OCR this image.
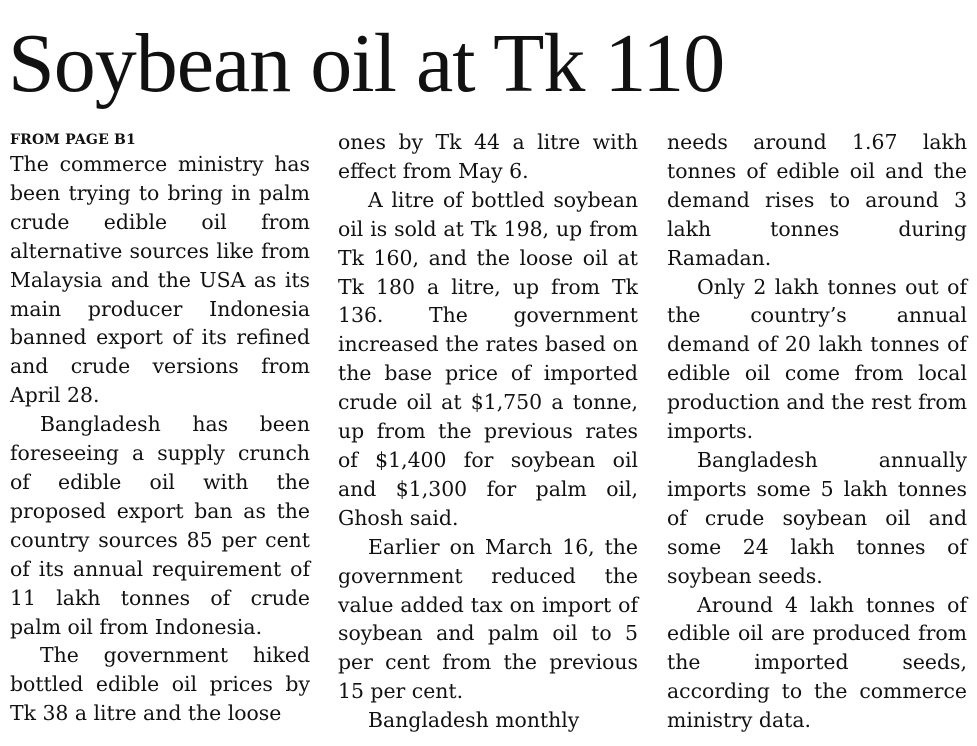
Soybean oil at Tk 110
FROM PAGE B1

The commerce ministry has been trying to bring in palm crude edible oil from alternative sources like from Malaysia and the USA as its main producer Indonesia banned export of its refined and crude versions from April 28.

Bangladesh has been foreseeing a supply crunch of edible oil with the proposed export ban as the country sources 85 per cent of its annual requirement of 11 lakh tonnes of crude palm oil from Indonesia.

The government hiked bottled edible oil prices by Tk 38 a litre and the loose

ones by Tk 44 a litre with effect from May 6.

A litre of bottled soybean oil is sold at Tk 198, up from Tk 160, and the loose oil at Tk 180 a litre, up from Tk 136. The government increased the rates based on the base price of imported crude oil at $1,750 a tonne, up from the previous rates of $1,400 for soybean oil and $1,300 for palm oil, Ghosh said.

Earlier on March 16, the government reduced the value added tax on import of soybean and palm oil to 5 per cent from the previous 15 per cent.

Bangladesh monthly

needs around 1.67 lakh tonnes of edible oil and the demand rises to around 3 lakh tonnes during Ramadan.

Only 2 lakh tonnes out of the country’s annual demand of 20 lakh tonnes of edible oil come from local production and the rest from imports.

Bangladesh annually imports some 5 lakh tonnes of crude soybean oil and some 24 lakh tonnes of soybean seeds.

Around 4 lakh tonnes of edible oil are produced from the imported seeds, according to the commerce ministry data.
